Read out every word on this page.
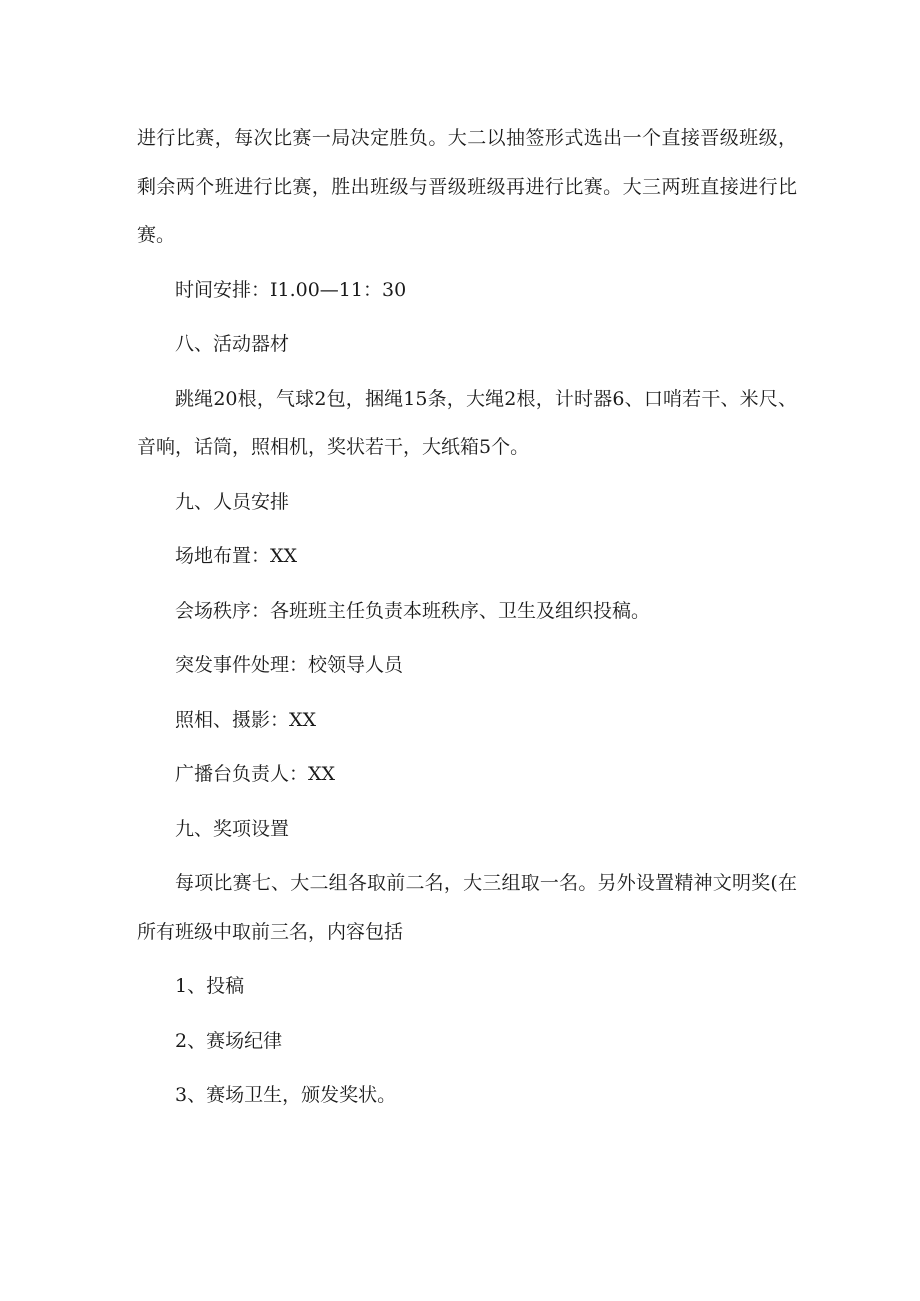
进行比赛，每次比赛一局决定胜负。大二以抽签形式选出一个直接晋级班级，剩余两个班进行比赛，胜出班级与晋级班级再进行比赛。大三两班直接进行比赛。

时间安排：I1.00—11：30

八、活动器材

跳绳20根，气球2包，捆绳15条，大绳2根，计时器6、口哨若干、米尺、音响，话筒，照相机，奖状若干，大纸箱5个。

九、人员安排

场地布置：XX

会场秩序：各班班主任负责本班秩序、卫生及组织投稿。

突发事件处理：校领导人员

照相、摄影：XX

广播台负责人：XX

九、奖项设置

每项比赛七、大二组各取前二名，大三组取一名。另外设置精神文明奖(在所有班级中取前三名，内容包括

1、投稿

2、赛场纪律

3、赛场卫生，颁发奖状。
